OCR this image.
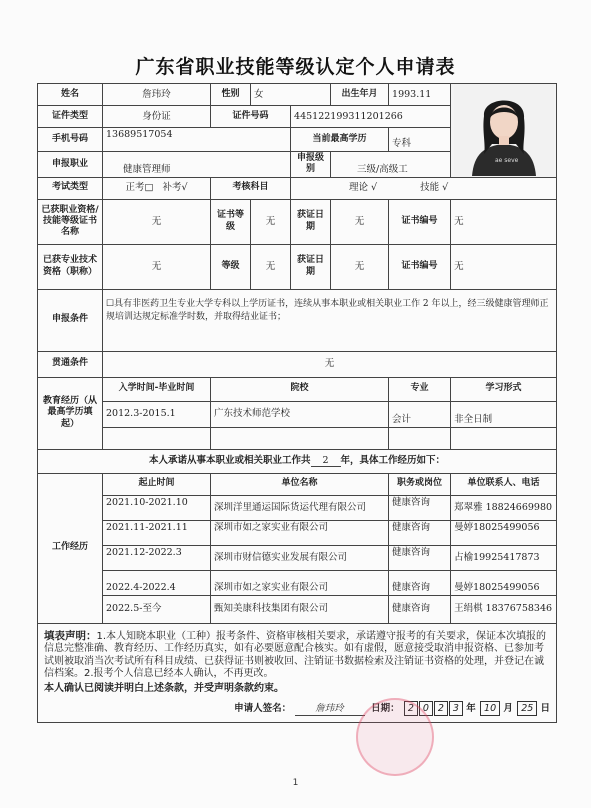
广东省职业技能等级认定个人申请表
姓名	詹玮玲	性别	女		出生年月	1993.11	ae seve

证件类型	身份证	证件号码		445122199311201266			
手机号码	13689517054			当前最高学历		专科	
申报职业	健康管理师			申报级别	三级/高级工		
考试类型	正考□ 补考√	考核科目		理论 √ 技能 √			
已获职业资格/技能等级证书名称	无	证书等级	无	获证日期	无	证书编号	无
已获专业技术资格（职称）	无	等级	无	获证日期	无	证书编号	无
申报条件	☐具有非医药卫生专业大学专科以上学历证书，连续从事本职业或相关职业工作 2 年以上，经三级健康管理师正规培训达规定标准学时数，并取得结业证书；						
贯通条件	无						
教育经历（从最高学历填起）	入学时间-毕业时间	院校				专业	学习形式
	2012.3-2015.1	广东技术师范学校				会计	非全日制

本人承诺从事本职业或相关职业工作共 2 年，具体工作经历如下：							
工作经历	起止时间	单位名称				职务或岗位	单位联系人、电话
	2021.10-2021.10	深圳洋里通运国际货运代理有限公司				健康咨询	郑翠雅 18824669980
	2021.11-2021.11	深圳市如之家实业有限公司				健康咨询	曼婷18025499056
	2021.12-2022.3	深圳市财信德实业发展有限公司				健康咨询	占榆19925417873
	2022.4-2022.4	深圳市如之家实业有限公司				健康咨询	曼婷18025499056
	2022.5-至今	甄知美康科技集团有限公司				健康咨询	王绢棋 18376758346
填表声明：1.本人知晓本职业（工种）报考条件、资格审核相关要求，承诺遵守报考的有关要求，保证本次填报的信息完整准确、教育经历、工作经历真实，如有必要愿意配合核实。如有虚假，愿意接受取消申报资格、已参加考试则被取消当次考试所有科目成绩、已获得证书则被收回、注销证书数据检索及注销证书资格的处理，并登记在诚信档案。2.报考个人信息已经本人确认，不再更改。
本人确认已阅读并明白上述条款，并受声明条款约束。
申请人签名： 詹玮玲 日期： 2 0 2 3 年 10 月 25 日							
1
